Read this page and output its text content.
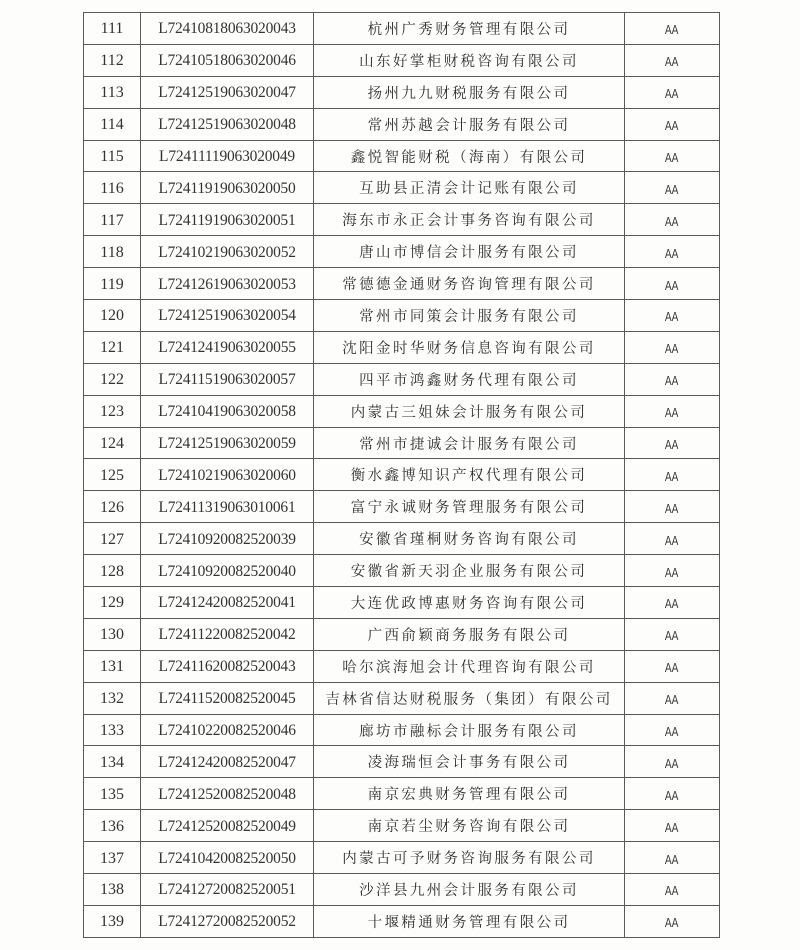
111	L72410818063020043	杭州广秀财务管理有限公司	AA
112	L72410518063020046	山东好掌柜财税咨询有限公司	AA
113	L72412519063020047	扬州九九财税服务有限公司	AA
114	L72412519063020048	常州苏越会计服务有限公司	AA
115	L72411119063020049	鑫悦智能财税（海南）有限公司	AA
116	L72411919063020050	互助县正清会计记账有限公司	AA
117	L72411919063020051	海东市永正会计事务咨询有限公司	AA
118	L72410219063020052	唐山市博信会计服务有限公司	AA
119	L72412619063020053	常德德金通财务咨询管理有限公司	AA
120	L72412519063020054	常州市同策会计服务有限公司	AA
121	L72412419063020055	沈阳金时华财务信息咨询有限公司	AA
122	L72411519063020057	四平市鸿鑫财务代理有限公司	AA
123	L72410419063020058	内蒙古三姐妹会计服务有限公司	AA
124	L72412519063020059	常州市捷诚会计服务有限公司	AA
125	L72410219063020060	衡水鑫博知识产权代理有限公司	AA
126	L72411319063010061	富宁永诚财务管理服务有限公司	AA
127	L72410920082520039	安徽省瑾桐财务咨询有限公司	AA
128	L72410920082520040	安徽省新天羽企业服务有限公司	AA
129	L72412420082520041	大连优政博惠财务咨询有限公司	AA
130	L72411220082520042	广西俞颖商务服务有限公司	AA
131	L72411620082520043	哈尔滨海旭会计代理咨询有限公司	AA
132	L72411520082520045	吉林省信达财税服务（集团）有限公司	AA
133	L72410220082520046	廊坊市融标会计服务有限公司	AA
134	L72412420082520047	凌海瑞恒会计事务有限公司	AA
135	L72412520082520048	南京宏典财务管理有限公司	AA
136	L72412520082520049	南京若尘财务咨询有限公司	AA
137	L72410420082520050	内蒙古可予财务咨询服务有限公司	AA
138	L72412720082520051	沙洋县九州会计服务有限公司	AA
139	L72412720082520052	十堰精通财务管理有限公司	AA
